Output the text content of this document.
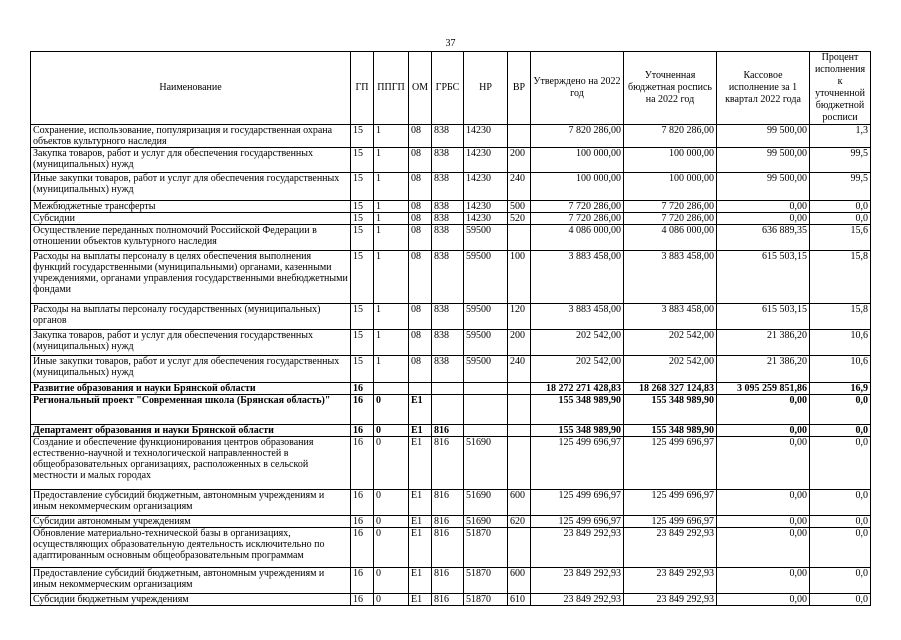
37
Наименование	ГП	ППГП	ОМ	ГРБС	НР	ВР	Утверждено на 2022 год	Уточненная бюджетная роспись на 2022 год	Кассовое исполнение за 1 квартал 2022 года	Процент исполнения к уточненной бюджетной росписи
Сохранение, использование, популяризация и государственная охрана объектов культурного наследия	15	1	08	838	14230		7 820 286,00	7 820 286,00	99 500,00	1,3
Закупка товаров, работ и услуг для обеспечения государственных (муниципальных) нужд	15	1	08	838	14230	200	100 000,00	100 000,00	99 500,00	99,5
Иные закупки товаров, работ и услуг для обеспечения государственных (муниципальных) нужд	15	1	08	838	14230	240	100 000,00	100 000,00	99 500,00	99,5
Межбюджетные трансферты	15	1	08	838	14230	500	7 720 286,00	7 720 286,00	0,00	0,0
Субсидии	15	1	08	838	14230	520	7 720 286,00	7 720 286,00	0,00	0,0
Осуществление переданных полномочий Российской Федерации в отношении объектов культурного наследия	15	1	08	838	59500		4 086 000,00	4 086 000,00	636 889,35	15,6
Расходы на выплаты персоналу в целях обеспечения выполнения функций государственными (муниципальными) органами, казенными учреждениями, органами управления государственными внебюджетными фондами	15	1	08	838	59500	100	3 883 458,00	3 883 458,00	615 503,15	15,8
Расходы на выплаты персоналу государственных (муниципальных) органов	15	1	08	838	59500	120	3 883 458,00	3 883 458,00	615 503,15	15,8
Закупка товаров, работ и услуг для обеспечения государственных (муниципальных) нужд	15	1	08	838	59500	200	202 542,00	202 542,00	21 386,20	10,6
Иные закупки товаров, работ и услуг для обеспечения государственных (муниципальных) нужд	15	1	08	838	59500	240	202 542,00	202 542,00	21 386,20	10,6
Развитие образования и науки Брянской области	16						18 272 271 428,83	18 268 327 124,83	3 095 259 851,86	16,9
Региональный проект "Современная школа (Брянская область)"	16	0	E1				155 348 989,90	155 348 989,90	0,00	0,0
Департамент образования и науки Брянской области	16	0	E1	816			155 348 989,90	155 348 989,90	0,00	0,0
Создание и обеспечение функционирования центров образования естественно-научной и технологической направленностей в общеобразовательных организациях, расположенных в сельской местности и малых городах	16	0	E1	816	51690		125 499 696,97	125 499 696,97	0,00	0,0
Предоставление субсидий бюджетным, автономным учреждениям и иным некоммерческим организациям	16	0	E1	816	51690	600	125 499 696,97	125 499 696,97	0,00	0,0
Субсидии автономным учреждениям	16	0	E1	816	51690	620	125 499 696,97	125 499 696,97	0,00	0,0
Обновление материально-технической базы в организациях, осуществляющих образовательную деятельность исключительно по адаптированным основным общеобразовательным программам	16	0	E1	816	51870		23 849 292,93	23 849 292,93	0,00	0,0
Предоставление субсидий бюджетным, автономным учреждениям и иным некоммерческим организациям	16	0	E1	816	51870	600	23 849 292,93	23 849 292,93	0,00	0,0
Субсидии бюджетным учреждениям	16	0	E1	816	51870	610	23 849 292,93	23 849 292,93	0,00	0,0
